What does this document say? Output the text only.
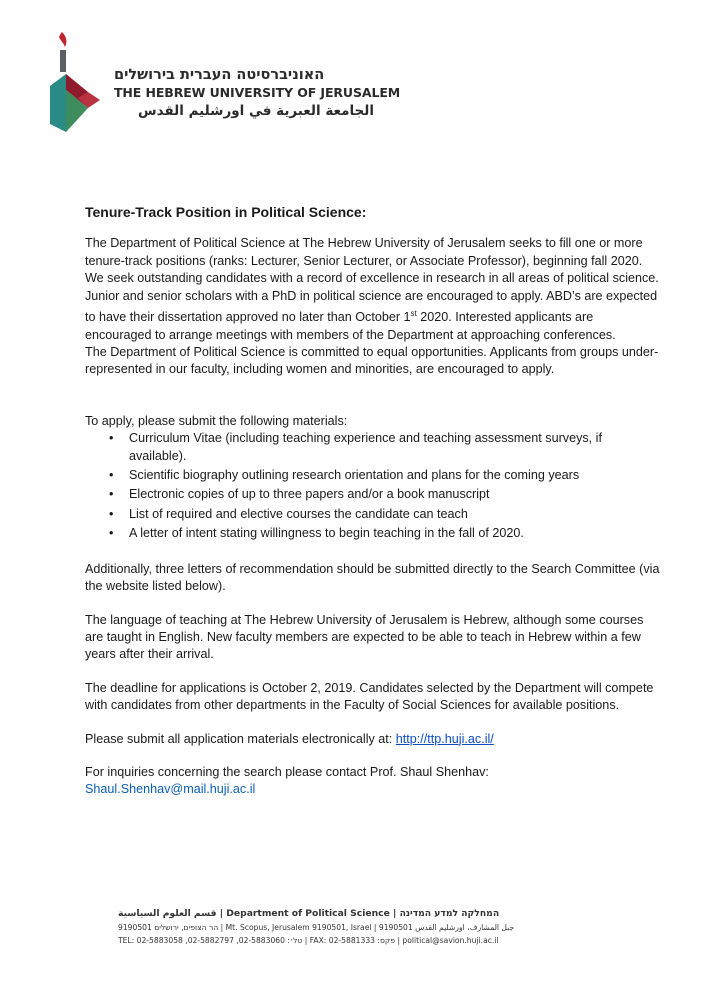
האוניברסיטה העברית בירושלים
THE HEBREW UNIVERSITY OF JERUSALEM
الجامعة العبرية في اورشليم القدس

Tenure-Track Position in Political Science:

The Department of Political Science at The Hebrew University of Jerusalem seeks to fill one or more tenure-track positions (ranks: Lecturer, Senior Lecturer, or Associate Professor), beginning fall 2020. We seek outstanding candidates with a record of excellence in research in all areas of political science. Junior and senior scholars with a PhD in political science are encouraged to apply. ABD’s are expected to have their dissertation approved no later than October 1st 2020. Interested applicants are encouraged to arrange meetings with members of the Department at approaching conferences.

The Department of Political Science is committed to equal opportunities. Applicants from groups under-represented in our faculty, including women and minorities, are encouraged to apply.

To apply, please submit the following materials:

• Curriculum Vitae (including teaching experience and teaching assessment surveys, if available).
• Scientific biography outlining research orientation and plans for the coming years
• Electronic copies of up to three papers and/or a book manuscript
• List of required and elective courses the candidate can teach
• A letter of intent stating willingness to begin teaching in the fall of 2020.

Additionally, three letters of recommendation should be submitted directly to the Search Committee (via the website listed below).

The language of teaching at The Hebrew University of Jerusalem is Hebrew, although some courses are taught in English. New faculty members are expected to be able to teach in Hebrew within a few years after their arrival.

The deadline for applications is October 2, 2019. Candidates selected by the Department will compete with candidates from other departments in the Faculty of Social Sciences for available positions.

Please submit all application materials electronically at: http://ttp.huji.ac.il/

For inquiries concerning the search please contact Prof. Shaul Shenhav:

Shaul.Shenhav@mail.huji.ac.il

قسم العلوم السياسية | Department of Political Science | המחלקה למדע המדינה
הר הצופים, ירושלים 9190501 | Mt. Scopus, Jerusalem 9190501, Israel | جبل المشارف، اورشليم القدس 9190501
TEL: 02-5883058 ,02-5882797 ,02-5883060 :טל׳ | FAX: 02-5881333 :פקס | political@savion.huji.ac.il
